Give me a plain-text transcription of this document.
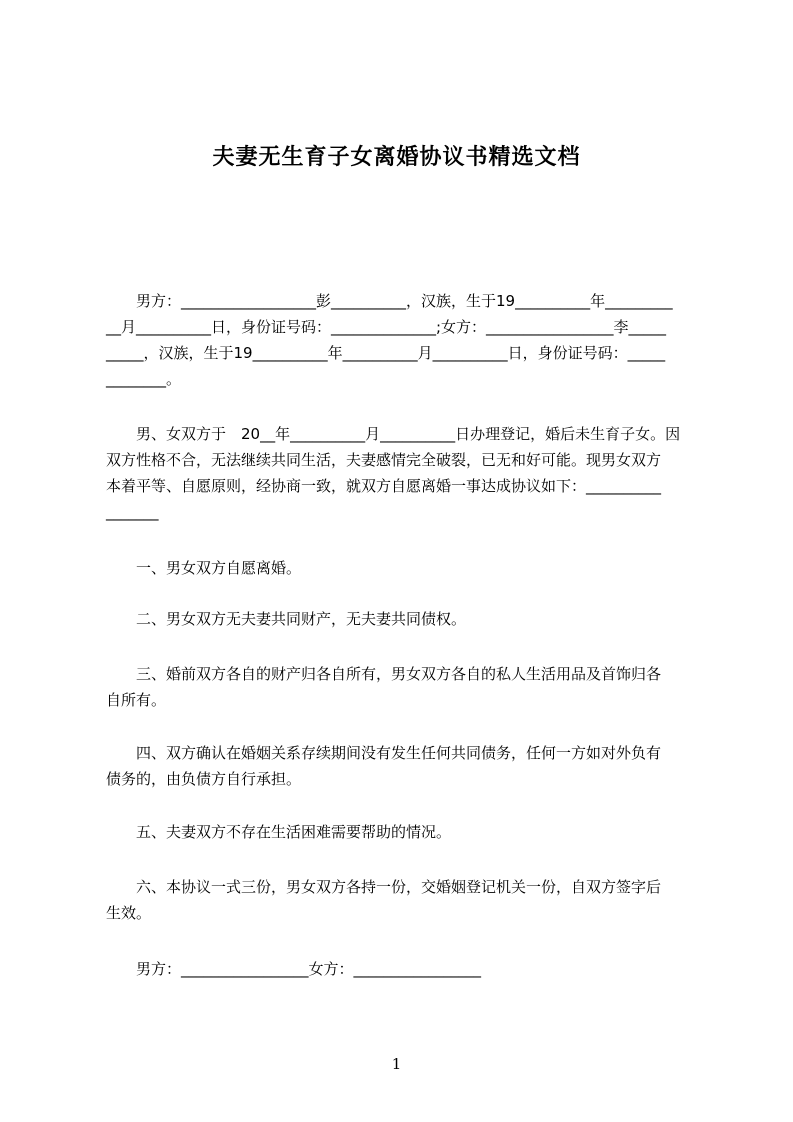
夫妻无生育子女离婚协议书精选文档
　　男方：__________________彭__________，汉族，生于19__________年_________
__月__________日，身份证号码：______________;女方：_________________李_____
_____，汉族，生于19__________年__________月__________日，身份证号码：_____
________。
　　男、女双方于　20__年__________月__________日办理登记，婚后未生育子女。因
双方性格不合，无法继续共同生活，夫妻感情完全破裂，已无和好可能。现男女双方
本着平等、自愿原则，经协商一致，就双方自愿离婚一事达成协议如下：__________
_______
　　一、男女双方自愿离婚。
　　二、男女双方无夫妻共同财产，无夫妻共同债权。
　　三、婚前双方各自的财产归各自所有，男女双方各自的私人生活用品及首饰归各
自所有。
　　四、双方确认在婚姻关系存续期间没有发生任何共同债务，任何一方如对外负有
债务的，由负债方自行承担。
　　五、夫妻双方不存在生活困难需要帮助的情况。
　　六、本协议一式三份，男女双方各持一份，交婚姻登记机关一份，自双方签字后
生效。
　　男方：_________________女方：_________________
1
